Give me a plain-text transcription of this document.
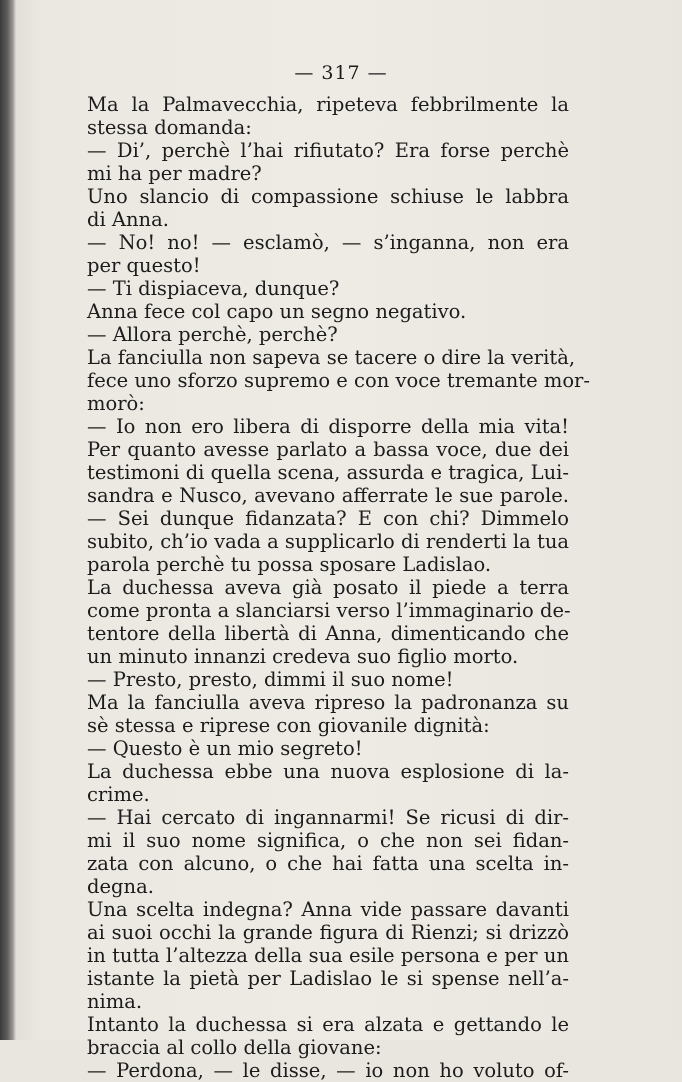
— 317 —
Ma la Palmavecchia, ripeteva febbrilmente la
stessa domanda:
— Di’, perchè l’hai rifiutato? Era forse perchè
mi ha per madre?
Uno slancio di compassione schiuse le labbra
di Anna.
— No! no! — esclamò, — s’inganna, non era
per questo!
— Ti dispiaceva, dunque?
Anna fece col capo un segno negativo.
— Allora perchè, perchè?
La fanciulla non sapeva se tacere o dire la verità,
fece uno sforzo supremo e con voce tremante mor-
morò:
— Io non ero libera di disporre della mia vita!
Per quanto avesse parlato a bassa voce, due dei
testimoni di quella scena, assurda e tragica, Lui-
sandra e Nusco, avevano afferrate le sue parole.
— Sei dunque fidanzata? E con chi? Dimmelo
subito, ch’io vada a supplicarlo di renderti la tua
parola perchè tu possa sposare Ladislao.
La duchessa aveva già posato il piede a terra
come pronta a slanciarsi verso l’immaginario de-
tentore della libertà di Anna, dimenticando che
un minuto innanzi credeva suo figlio morto.
— Presto, presto, dimmi il suo nome!
Ma la fanciulla aveva ripreso la padronanza su
sè stessa e riprese con giovanile dignità:
— Questo è un mio segreto!
La duchessa ebbe una nuova esplosione di la-
crime.
— Hai cercato di ingannarmi! Se ricusi di dir-
mi il suo nome significa, o che non sei fidan-
zata con alcuno, o che hai fatta una scelta in-
degna.
Una scelta indegna? Anna vide passare davanti
ai suoi occhi la grande figura di Rienzi; si drizzò
in tutta l’altezza della sua esile persona e per un
istante la pietà per Ladislao le si spense nell’a-
nima.
Intanto la duchessa si era alzata e gettando le
braccia al collo della giovane:
— Perdona, — le disse, — io non ho voluto of-
